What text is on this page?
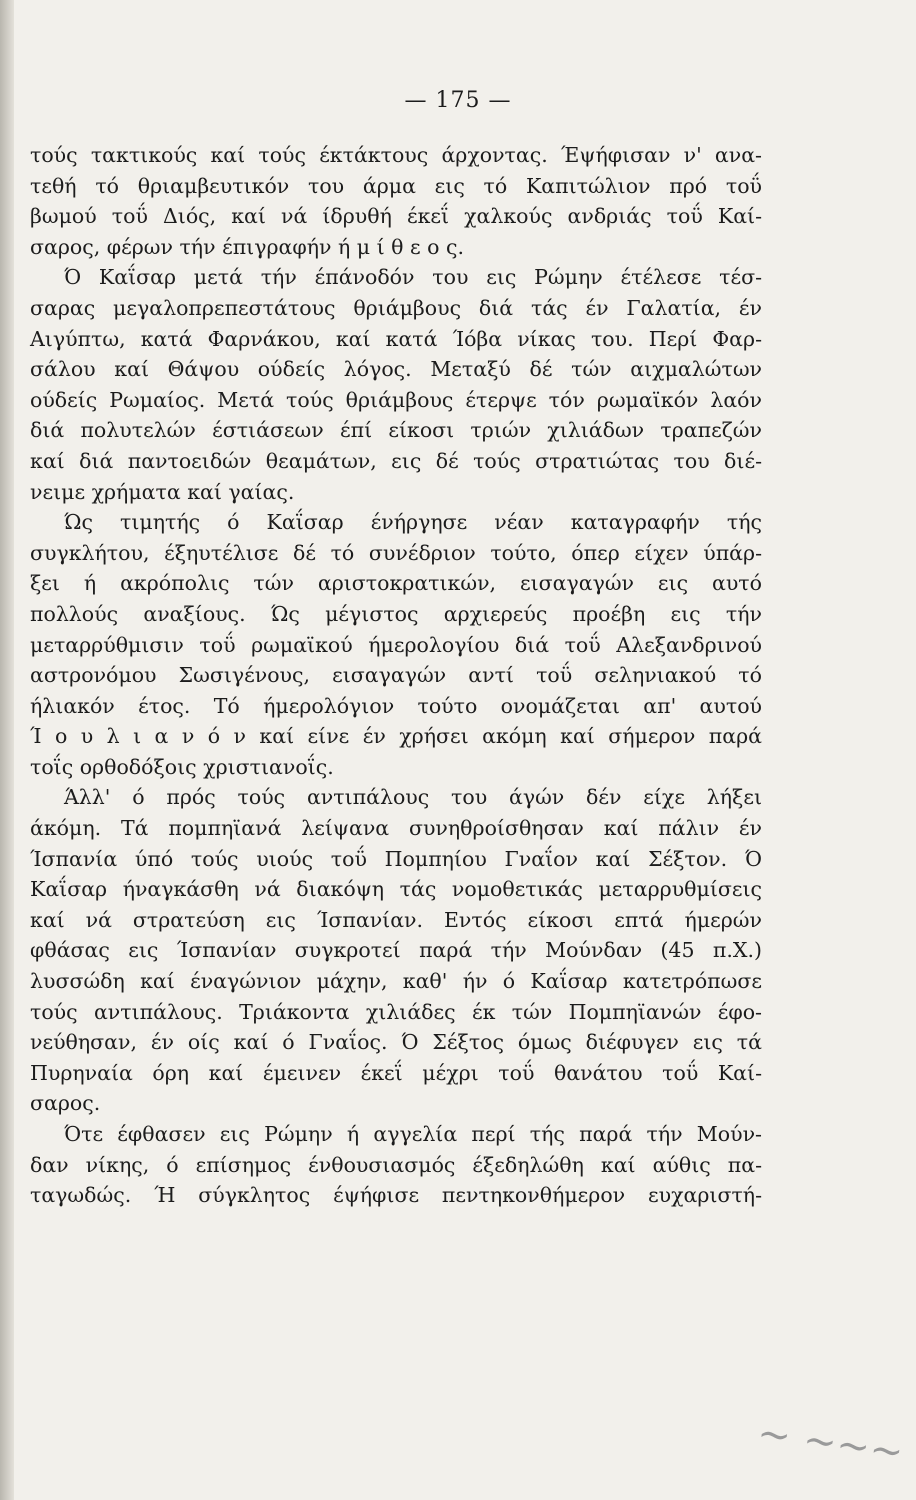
— 175 —
τούς τακτικούς καί τούς έκτάκτους άρχοντας. Έψήφισαν ν' ανα-
τεθή τό θριαμβευτικόν του άρμα εις τό Καπιτώλιον πρό τοΰ
βωμού τοΰ Διός, καί νά ίδρυθή έκεΐ χαλκούς ανδριάς τοΰ Καί-
σαρος, φέρων τήν έπιγραφήν ή μ ί θ ε ο ς.
Ό Καΐσαρ μετά τήν έπάνοδόν του εις Ρώμην έτέλεσε τέσ-
σαρας μεγαλοπρεπεστάτους θριάμβους διά τάς έν Γαλατία, έν
Αιγύπτω, κατά Φαρνάκου, καί κατά Ίόβα νίκας του. Περί Φαρ-
σάλου καί Θάψου ούδείς λόγος. Μεταξύ δέ τών αιχμαλώτων
ούδείς Ρωμαίος. Μετά τούς θριάμβους έτερψε τόν ρωμαϊκόν λαόν
διά πολυτελών έστιάσεων έπί είκοσι τριών χιλιάδων τραπεζών
καί διά παντοειδών θεαμάτων, εις δέ τούς στρατιώτας του διέ-
νειμε χρήματα καί γαίας.
Ώς τιμητής ό Καΐσαρ ένήργησε νέαν καταγραφήν τής
συγκλήτου, έξηυτέλισε δέ τό συνέδριον τούτο, όπερ είχεν ύπάρ-
ξει ή ακρόπολις τών αριστοκρατικών, εισαγαγών εις αυτό
πολλούς αναξίους. Ώς μέγιστος αρχιερεύς προέβη εις τήν
μεταρρύθμισιν τοΰ ρωμαϊκού ήμερολογίου διά τοΰ Αλεξανδρινού
αστρονόμου Σωσιγένους, εισαγαγών αντί τοΰ σεληνιακού τό
ήλιακόν έτος. Τό ήμερολόγιον τούτο ονομάζεται απ' αυτού
Ί ο υ λ ι α ν ό ν καί είνε έν χρήσει ακόμη καί σήμερον παρά
τοΐς ορθοδόξοις χριστιανοΐς.
Άλλ' ό πρός τούς αντιπάλους του άγών δέν είχε λήξει
άκόμη. Τά πομπηϊανά λείψανα συνηθροίσθησαν καί πάλιν έν
Ίσπανία ύπό τούς υιούς τοΰ Πομπηίου Γναΐον καί Σέξτον. Ό
Καΐσαρ ήναγκάσθη νά διακόψη τάς νομοθετικάς μεταρρυθμίσεις
καί νά στρατεύση εις Ίσπανίαν. Εντός είκοσι επτά ήμερών
φθάσας εις Ίσπανίαν συγκροτεί παρά τήν Μούνδαν (45 π.Χ.)
λυσσώδη καί έναγώνιον μάχην, καθ' ήν ό Καΐσαρ κατετρόπωσε
τούς αντιπάλους. Τριάκοντα χιλιάδες έκ τών Πομπηϊανών έφο-
νεύθησαν, έν οίς καί ό Γναΐος. Ό Σέξτος όμως διέφυγεν εις τά
Πυρηναία όρη καί έμεινεν έκεΐ μέχρι τοΰ θανάτου τοΰ Καί-
σαρος.
Ότε έφθασεν εις Ρώμην ή αγγελία περί τής παρά τήν Μούν-
δαν νίκης, ό επίσημος ένθουσιασμός έξεδηλώθη καί αύθις πα-
ταγωδώς. Ή σύγκλητος έψήφισε πεντηκονθήμερον ευχαριστή-
~ ~~~
